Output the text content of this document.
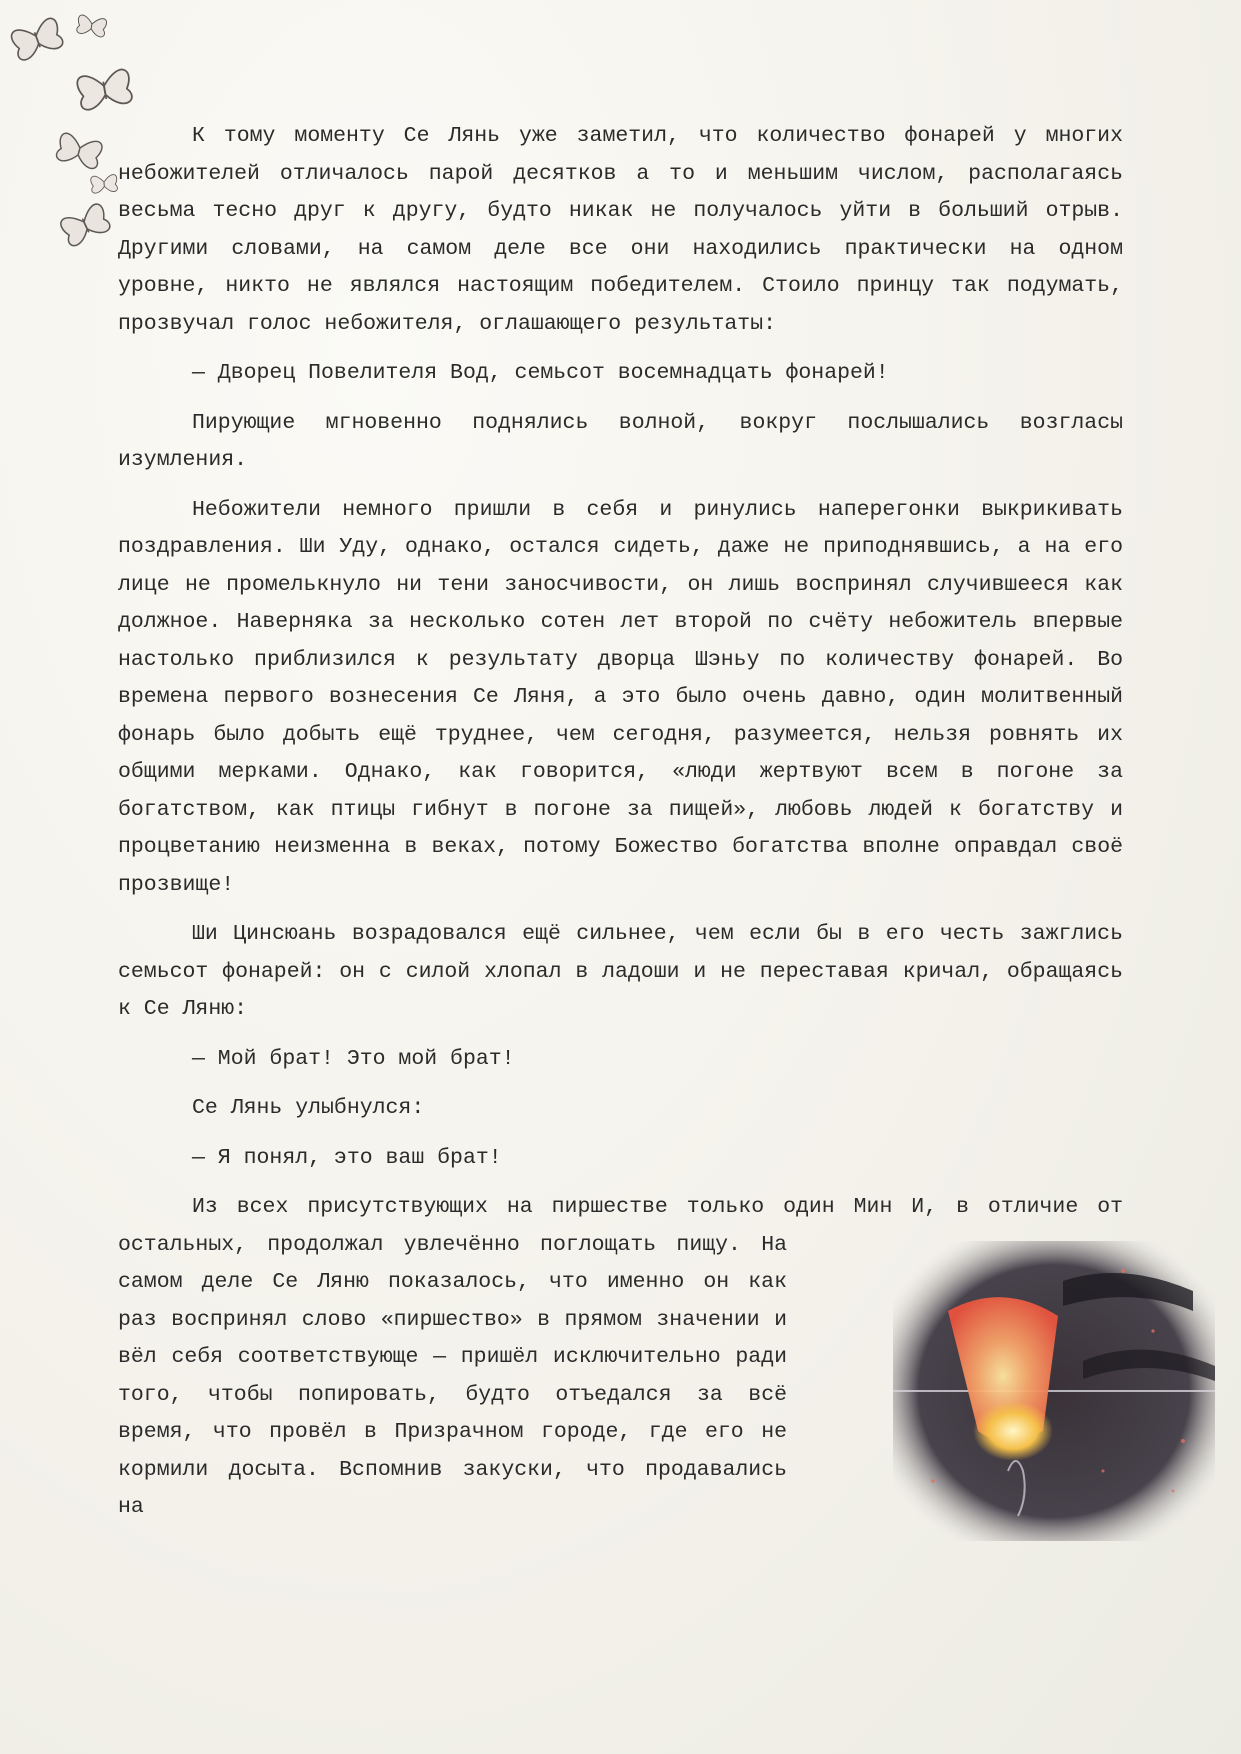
К тому моменту Се Лянь уже заметил, что количество фонарей у многих небожителей отличалось парой десятков а то и меньшим числом, располагаясь весьма тесно друг к другу, будто никак не получалось уйти в больший отрыв. Другими словами, на самом деле все они находились практически на одном уровне, никто не являлся настоящим победителем. Стоило принцу так подумать, прозвучал голос небожителя, оглашающего результаты:

— Дворец Повелителя Вод, семьсот восемнадцать фонарей!

Пирующие мгновенно поднялись волной, вокруг послышались возгласы изумления.

Небожители немного пришли в себя и ринулись наперегонки выкрикивать поздравления. Ши Уду, однако, остался сидеть, даже не приподнявшись, а на его лице не промелькнуло ни тени заносчивости, он лишь воспринял случившееся как должное. Наверняка за несколько сотен лет второй по счёту небожитель впервые настолько приблизился к результату дворца Шэньу по количеству фонарей. Во времена первого вознесения Се Ляня, а это было очень давно, один молитвенный фонарь было добыть ещё труднее, чем сегодня, разумеется, нельзя ровнять их общими мерками. Однако, как говорится, «люди жертвуют всем в погоне за богатством, как птицы гибнут в погоне за пищей», любовь людей к богатству и процветанию неизменна в веках, потому Божество богатства вполне оправдал своё прозвище!

Ши Цинсюань возрадовался ещё сильнее, чем если бы в его честь зажглись семьсот фонарей: он с силой хлопал в ладоши и не переставая кричал, обращаясь к Се Ляню:

— Мой брат! Это мой брат!

Се Лянь улыбнулся:

— Я понял, это ваш брат!

Из всех присутствующих на пиршестве только один Мин И, в отличие от остальных, продолжал увлечённо поглощать пищу. На самом деле Се Ляню показалось, что именно он как раз воспринял слово «пиршество» в прямом значении и вёл себя соответствующе — пришёл исключительно ради того, чтобы попировать, будто отъедался за всё время, что провёл в Призрачном городе, где его не кормили досыта. Вспомнив закуски, что продавались на
